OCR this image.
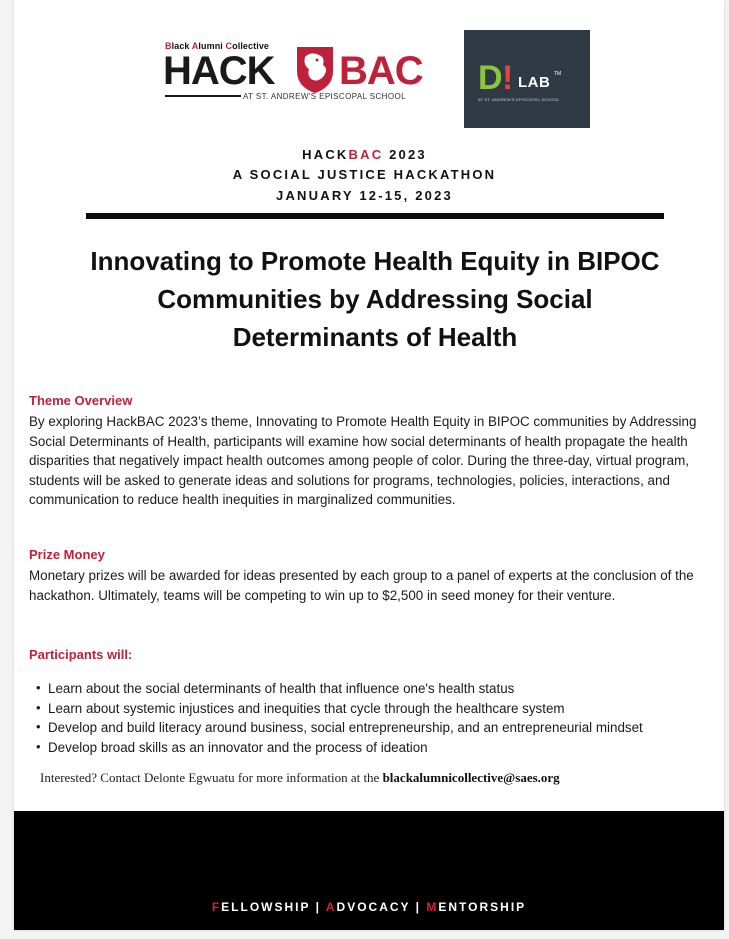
Black Alumni Collective
HACK BAC
AT ST. ANDREW'S EPISCOPAL SCHOOL D ! LAB TM
AT ST. ANDREW'S EPISCOPAL SCHOOL
HACKBAC 2023
A SOCIAL JUSTICE HACKATHON
JANUARY 12-15, 2023
Innovating to Promote Health Equity in BIPOC
Communities by Addressing Social
Determinants of Health
Theme Overview
By exploring HackBAC 2023’s theme, Innovating to Promote Health Equity in BIPOC communities by Addressing Social Determinants of Health, participants will examine how social determinants of health propagate the health disparities that negatively impact health outcomes among people of color. During the three-day, virtual program, students will be asked to generate ideas and solutions for programs, technologies, policies, interactions, and communication to reduce health inequities in marginalized communities.
Prize Money
Monetary prizes will be awarded for ideas presented by each group to a panel of experts at the conclusion of the hackathon. Ultimately, teams will be competing to win up to $2,500 in seed money for their venture.
Participants will:
• Learn about the social determinants of health that influence one's health status
• Learn about systemic injustices and inequities that cycle through the healthcare system
• Develop and build literacy around business, social entrepreneurship, and an entrepreneurial mindset
• Develop broad skills as an innovator and the process of ideation
Interested? Contact Delonte Egwuatu for more information at the blackalumnicollective@saes.org
FELLOWSHIP | ADVOCACY | MENTORSHIP
